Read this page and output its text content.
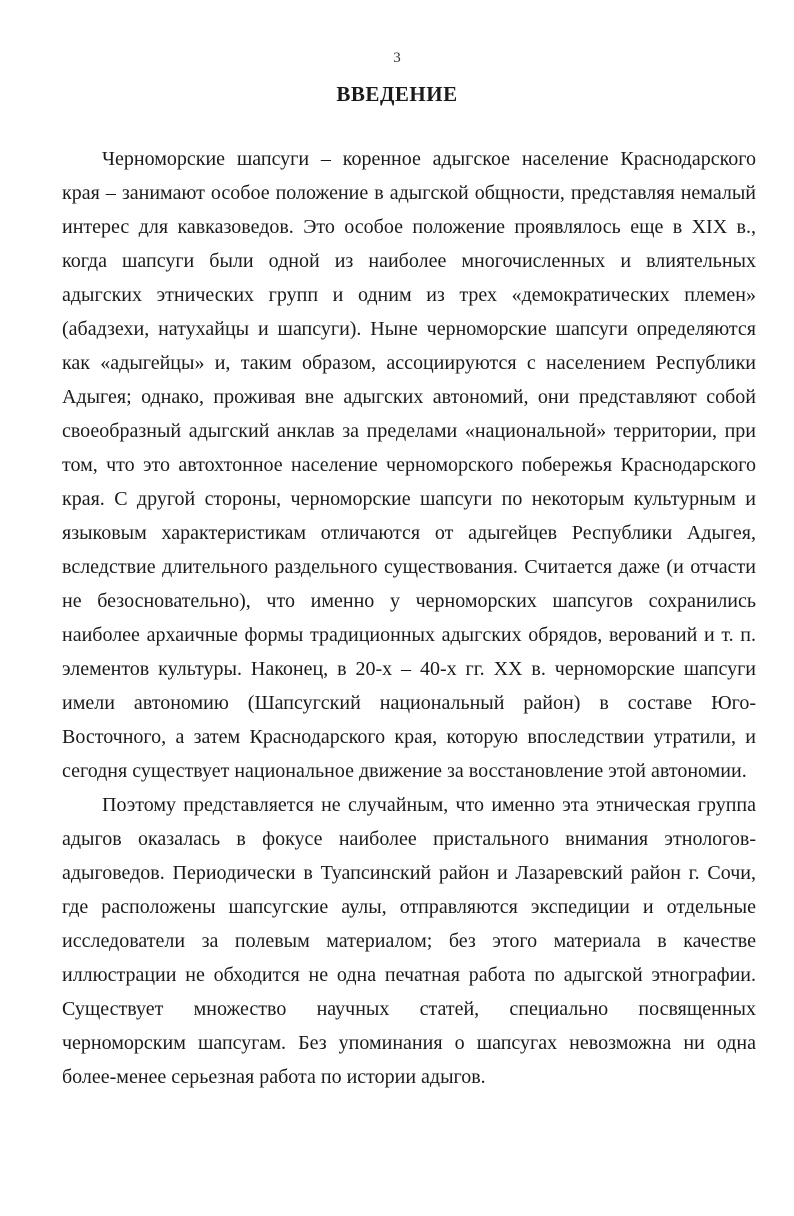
3
ВВЕДЕНИЕ

Черноморские шапсуги – коренное адыгское население Краснодарского края – занимают особое положение в адыгской общности, представляя немалый интерес для кавказоведов. Это особое положение проявлялось еще в XIX в., когда шапсуги были одной из наиболее многочисленных и влиятельных адыгских этнических групп и одним из трех «демократических племен» (абадзехи, натухайцы и шапсуги). Ныне черноморские шапсуги определяются как «адыгейцы» и, таким образом, ассоциируются с населением Республики Адыгея; однако, проживая вне адыгских автономий, они представляют собой своеобразный адыгский анклав за пределами «национальной» территории, при том, что это автохтонное население черноморского побережья Краснодарского края. С другой стороны, черноморские шапсуги по некоторым культурным и языковым характеристикам отличаются от адыгейцев Республики Адыгея, вследствие длительного раздельного существования. Считается даже (и отчасти не безосновательно), что именно у черноморских шапсугов сохранились наиболее архаичные формы традиционных адыгских обрядов, верований и т. п. элементов культуры. Наконец, в 20-х – 40-х гг. XX в. черноморские шапсуги имели автономию (Шапсугский национальный район) в составе Юго-Восточного, а затем Краснодарского края, которую впоследствии утратили, и сегодня существует национальное движение за восстановление этой автономии.

Поэтому представляется не случайным, что именно эта этническая группа адыгов оказалась в фокусе наиболее пристального внимания этнологов-адыговедов. Периодически в Туапсинский район и Лазаревский район г. Сочи, где расположены шапсугские аулы, отправляются экспедиции и отдельные исследователи за полевым материалом; без этого материала в качестве иллюстрации не обходится не одна печатная работа по адыгской этнографии. Существует множество научных статей, специально посвященных черноморским шапсугам. Без упоминания о шапсугах невозможна ни одна более-менее серьезная работа по истории адыгов.
